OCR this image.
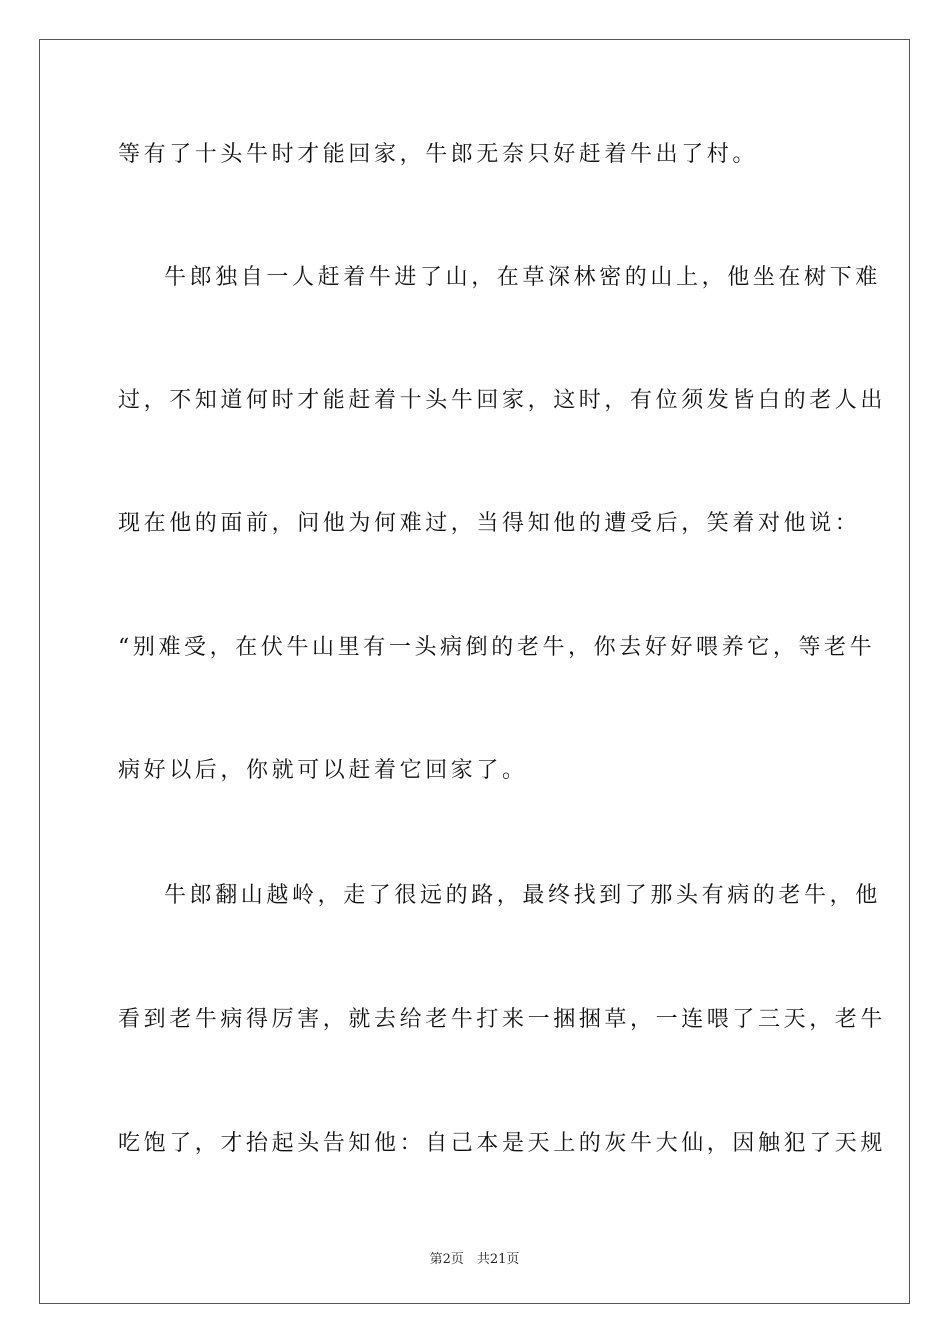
等有了十头牛时才能回家，牛郎无奈只好赶着牛出了村。
牛郎独自一人赶着牛进了山，在草深林密的山上，他坐在树下难
过，不知道何时才能赶着十头牛回家，这时，有位须发皆白的老人出
现在他的面前，问他为何难过，当得知他的遭受后，笑着对他说：
“别难受，在伏牛山里有一头病倒的老牛，你去好好喂养它，等老牛
病好以后，你就可以赶着它回家了。
牛郎翻山越岭，走了很远的路，最终找到了那头有病的老牛，他
看到老牛病得厉害，就去给老牛打来一捆捆草，一连喂了三天，老牛
吃饱了，才抬起头告知他：自己本是天上的灰牛大仙，因触犯了天规
第2页　共21页
